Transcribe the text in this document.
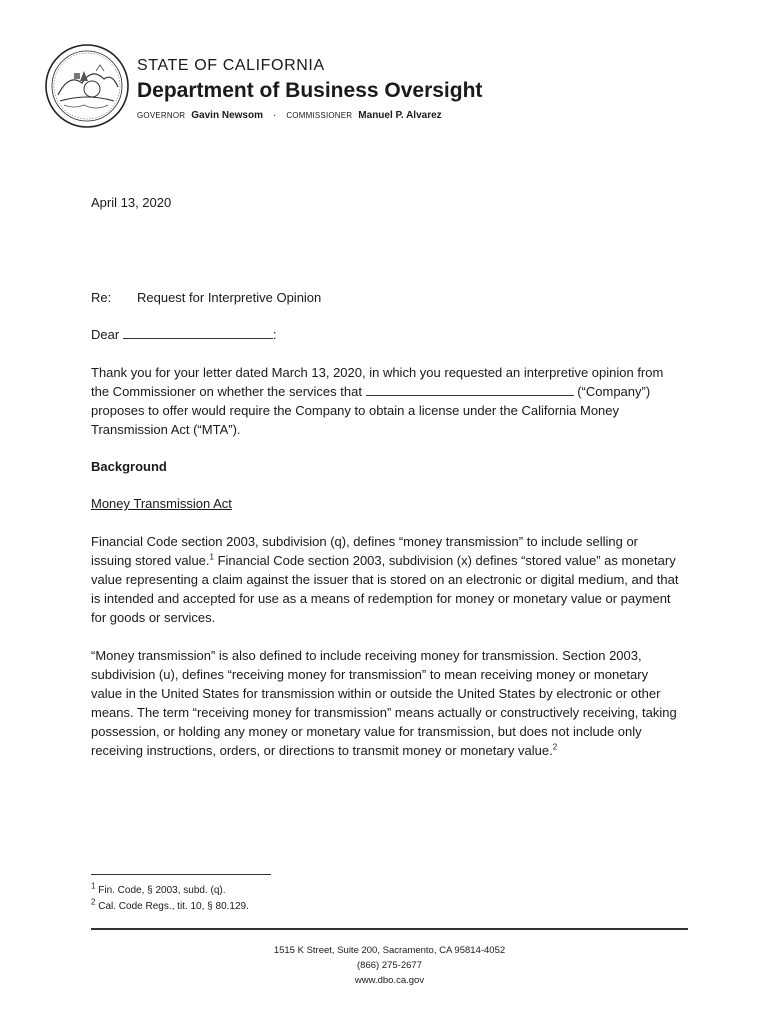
STATE OF CALIFORNIA
Department of Business Oversight
GOVERNOR Gavin Newsom · COMMISSIONER Manuel P. Alvarez
April 13, 2020
Re: Request for Interpretive Opinion
Dear	:
Thank you for your letter dated March 13, 2020, in which you requested an interpretive opinion from the Commissioner on whether the services that	(“Company”) proposes to offer would require the Company to obtain a license under the California Money Transmission Act (“MTA”).
Background
Money Transmission Act
Financial Code section 2003, subdivision (q), defines “money transmission” to include selling or issuing stored value.$^1$ Financial Code section 2003, subdivision (x) defines “stored value” as monetary value representing a claim against the issuer that is stored on an electronic or digital medium, and that is intended and accepted for use as a means of redemption for money or monetary value or payment for goods or services.
“Money transmission” is also defined to include receiving money for transmission. Section 2003, subdivision (u), defines “receiving money for transmission” to mean receiving money or monetary value in the United States for transmission within or outside the United States by electronic or other means. The term “receiving money for transmission” means actually or constructively receiving, taking possession, or holding any money or monetary value for transmission, but does not include only receiving instructions, orders, or directions to transmit money or monetary value.$^2$
$^1$ Fin. Code, § 2003, subd. (q).
$^2$ Cal. Code Regs., tit. 10, § 80.129.
1515 K Street, Suite 200, Sacramento, CA 95814-4052
(866) 275-2677
www.dbo.ca.gov
